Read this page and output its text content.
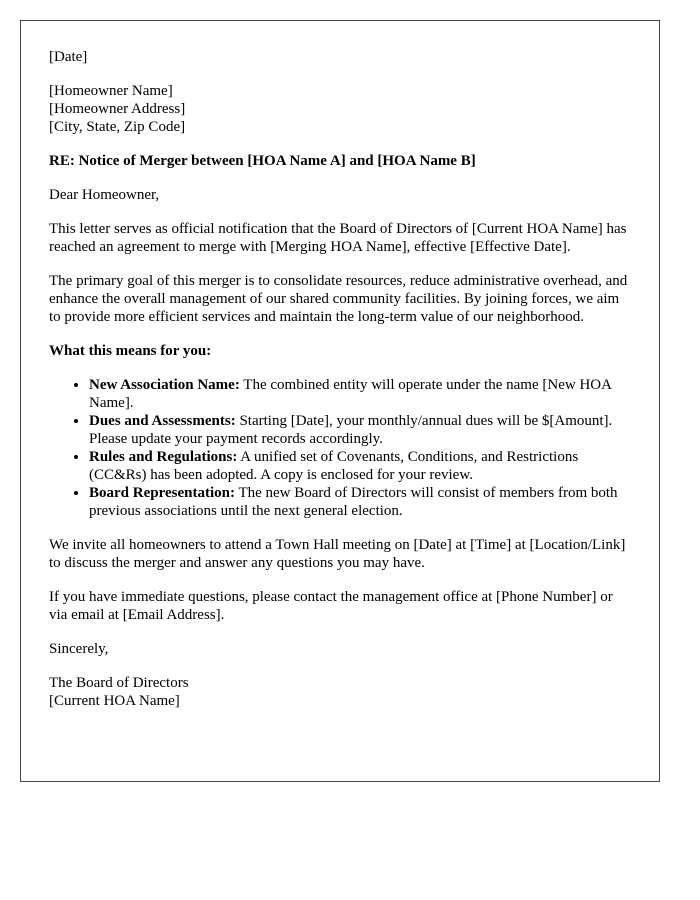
[Date]

[Homeowner Name]
[Homeowner Address]
[City, State, Zip Code]

RE: Notice of Merger between [HOA Name A] and [HOA Name B]

Dear Homeowner,

This letter serves as official notification that the Board of Directors of [Current HOA Name] has reached an agreement to merge with [Merging HOA Name], effective [Effective Date].

The primary goal of this merger is to consolidate resources, reduce administrative overhead, and enhance the overall management of our shared community facilities. By joining forces, we aim to provide more efficient services and maintain the long-term value of our neighborhood.

What this means for you:

• New Association Name: The combined entity will operate under the name [New HOA Name].
• Dues and Assessments: Starting [Date], your monthly/annual dues will be $[Amount]. Please update your payment records accordingly.
• Rules and Regulations: A unified set of Covenants, Conditions, and Restrictions (CC&Rs) has been adopted. A copy is enclosed for your review.
• Board Representation: The new Board of Directors will consist of members from both previous associations until the next general election.

We invite all homeowners to attend a Town Hall meeting on [Date] at [Time] at [Location/Link] to discuss the merger and answer any questions you may have.

If you have immediate questions, please contact the management office at [Phone Number] or via email at [Email Address].

Sincerely,

The Board of Directors
[Current HOA Name]
